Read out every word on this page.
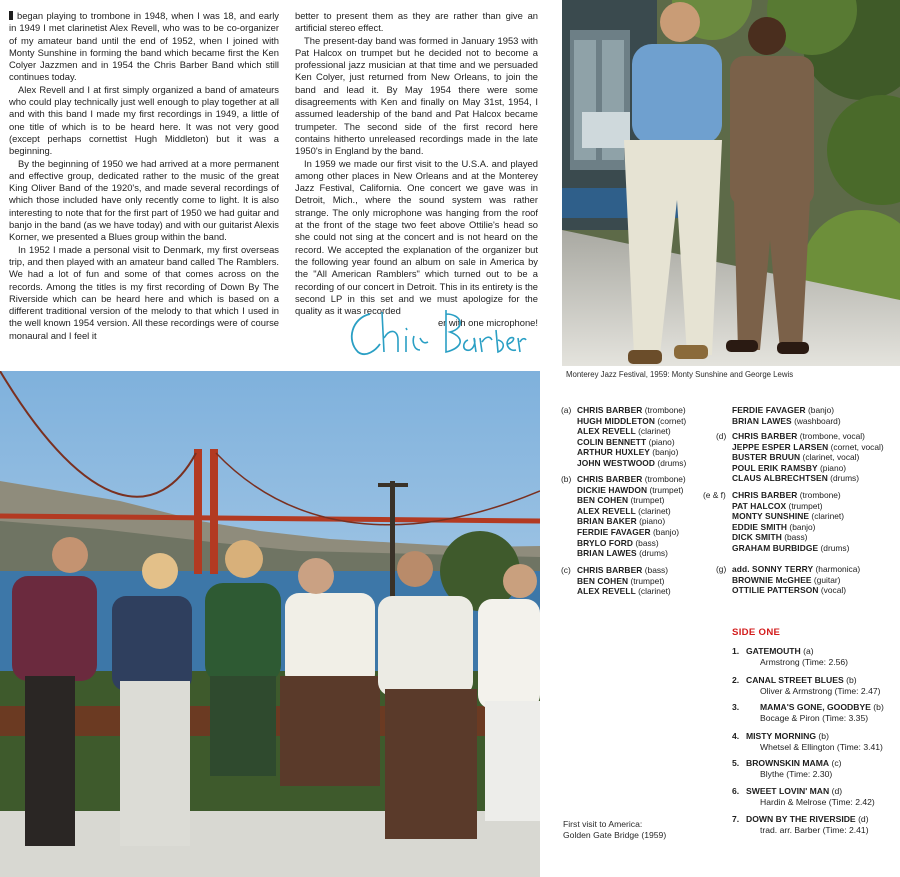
began playing to trombone in 1948, when I was 18, and early in 1949 I met clarinetist Alex Revell, who was to be co-organizer of my amateur band until the end of 1952, when I joined with Monty Sunshine in forming the band which became first the Ken Colyer Jazzmen and in 1954 the Chris Barber Band which still continues today.

Alex Revell and I at first simply organized a band of amateurs who could play technically just well enough to play together at all and with this band I made my first recordings in 1949, a little of one title of which is to be heard here. It was not very good (except perhaps cornettist Hugh Middleton) but it was a beginning.

By the beginning of 1950 we had arrived at a more permanent and effective group, dedicated rather to the music of the great King Oliver Band of the 1920's, and made several recordings of which those included have only recently come to light. It is also interesting to note that for the first part of 1950 we had guitar and banjo in the band (as we have today) and with our guitarist Alexis Korner, we presented a Blues group within the band.

In 1952 I made a personal visit to Denmark, my first overseas trip, and then played with an amateur band called The Ramblers. We had a lot of fun and some of that comes across on the records. Among the titles is my first recording of Down By The Riverside which can be heard here and which is based on a different traditional version of the melody to that which I used in the well known 1954 version. All these recordings were of course monaural and I feel it

better to present them as they are rather than give an artificial stereo effect.

The present-day band was formed in January 1953 with Pat Halcox on trumpet but he decided not to become a professional jazz musician at that time and we persuaded Ken Colyer, just returned from New Orleans, to join the band and lead it. By May 1954 there were some disagreements with Ken and finally on May 31st, 1954, I assumed leadership of the band and Pat Halcox became trumpeter. The second side of the first record here contains hitherto unreleased recordings made in the late 1950's in England by the band.

In 1959 we made our first visit to the U.S.A. and played among other places in New Orleans and at the Monterey Jazz Festival, California. One concert we gave was in Detroit, Mich., where the sound system was rather strange. The only microphone was hanging from the roof at the front of the stage two feet above Ottilie's head so she could not sing at the concert and is not heard on the record. We accepted the explanation of the organizer but the following year found an album on sale in America by the "All American Ramblers" which turned out to be a recording of our concert in Detroit. This in its entirety is the second LP in this set and we must apologize for the quality as it was recorded

er with one microphone!

Monterey Jazz Festival, 1959: Monty Sunshine and George Lewis
First visit to America:
Golden Gate Bridge (1959)
(a) CHRIS BARBER (trombone)
HUGH MIDDLETON (cornet)
ALEX REVELL (clarinet)
COLIN BENNETT (piano)
ARTHUR HUXLEY (banjo)
JOHN WESTWOOD (drums)
(b) CHRIS BARBER (trombone)
DICKIE HAWDON (trumpet)
BEN COHEN (trumpet)
ALEX REVELL (clarinet)
BRIAN BAKER (piano)
FERDIE FAVAGER (banjo)
BRYLO FORD (bass)
BRIAN LAWES (drums)
(c) CHRIS BARBER (bass)
BEN COHEN (trumpet)
ALEX REVELL (clarinet)
FERDIE FAVAGER (banjo)
BRIAN LAWES (washboard)
(d) CHRIS BARBER (trombone, vocal)
JEPPE ESPER LARSEN (cornet, vocal)
BUSTER BRUUN (clarinet, vocal)
POUL ERIK RAMSBY (piano)
CLAUS ALBRECHTSEN (drums)
(e & f) CHRIS BARBER (trombone)
PAT HALCOX (trumpet)
MONTY SUNSHINE (clarinet)
EDDIE SMITH (banjo)
DICK SMITH (bass)
GRAHAM BURBIDGE (drums)
(g) add. SONNY TERRY (harmonica)
BROWNIE McGHEE (guitar)
OTTILIE PATTERSON (vocal)
SIDE ONE
1. GATEMOUTH (a)
Armstrong (Time: 2.56)
2. CANAL STREET BLUES (b)
Oliver & Armstrong (Time: 2.47)
3.	MAMA'S GONE, GOODBYE (b)
Bocage & Piron (Time: 3.35)
4. MISTY MORNING (b)
Whetsel & Ellington (Time: 3.41)
5. BROWNSKIN MAMA (c)
Blythe (Time: 2.30)
6. SWEET LOVIN' MAN (d)
Hardin & Melrose (Time: 2.42)
7. DOWN BY THE RIVERSIDE (d)
trad. arr. Barber (Time: 2.41)
